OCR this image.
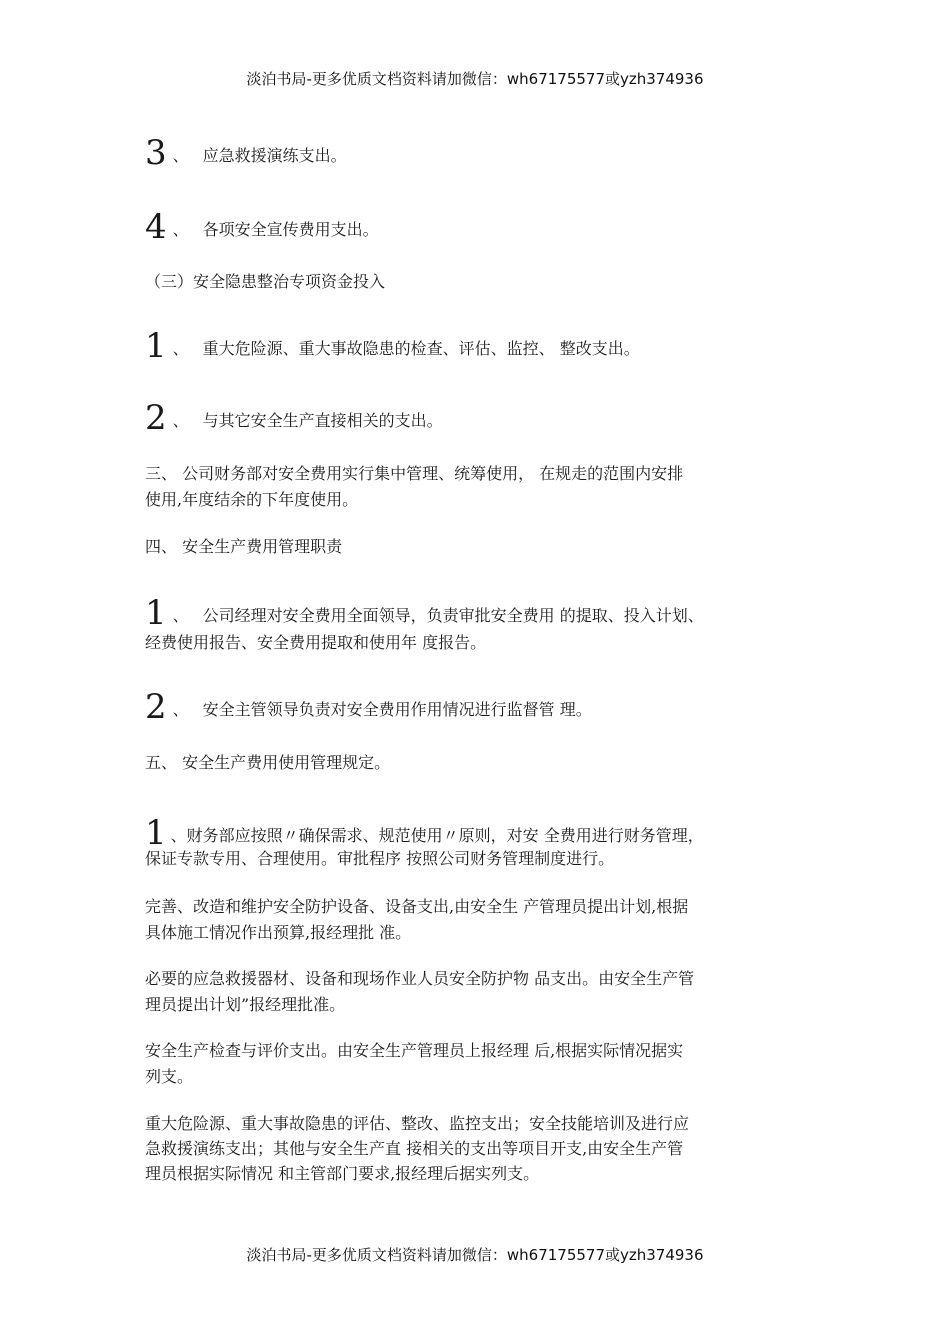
淡泊书局-更多优质文档资料请加微信：wh67175577或yzh374936
3 、 应急救援演练支出。
4 、 各项安全宣传费用支出。
（三）安全隐患整治专项资金投入
1 、 重大危险源、重大事故隐患的检查、评估、监控、 整改支出。
2 、 与其它安全生产直接相关的支出。
三、 公司财务部对安全费用实行集中管理、统筹使用， 在规走的范围内安排
使用,年度结余的下年度使用。
四、 安全生产费用管理职责
1 、 公司经理对安全费用全面领导，负责审批安全费用 的提取、投入计划、
经费使用报告、安全费用提取和使用年 度报告。
2 、 安全主管领导负责对安全费用作用情况进行监督管 理。
五、 安全生产费用使用管理规定。
1 、财务部应按照〃确保需求、规范使用〃原则，对安 全费用进行财务管理，
保证专款专用、合理使用。审批程序 按照公司财务管理制度进行。
完善、改造和维护安全防护设备、设备支出,由安全生 产管理员提出计划,根据
具体施工情况作出预算,报经理批 准。
必要的应急救援器材、设备和现场作业人员安全防护物 品支出。由安全生产管
理员提出计划”报经理批准。
安全生产检查与评价支出。由安全生产管理员上报经理 后,根据实际情况据实
列支。
重大危险源、重大事故隐患的评估、整改、监控支出；安全技能培训及进行应
急救援演练支出；其他与安全生产直 接相关的支出等项目开支,由安全生产管
理员根据实际情况 和主管部门要求,报经理后据实列支。
淡泊书局-更多优质文档资料请加微信：wh67175577或yzh374936
